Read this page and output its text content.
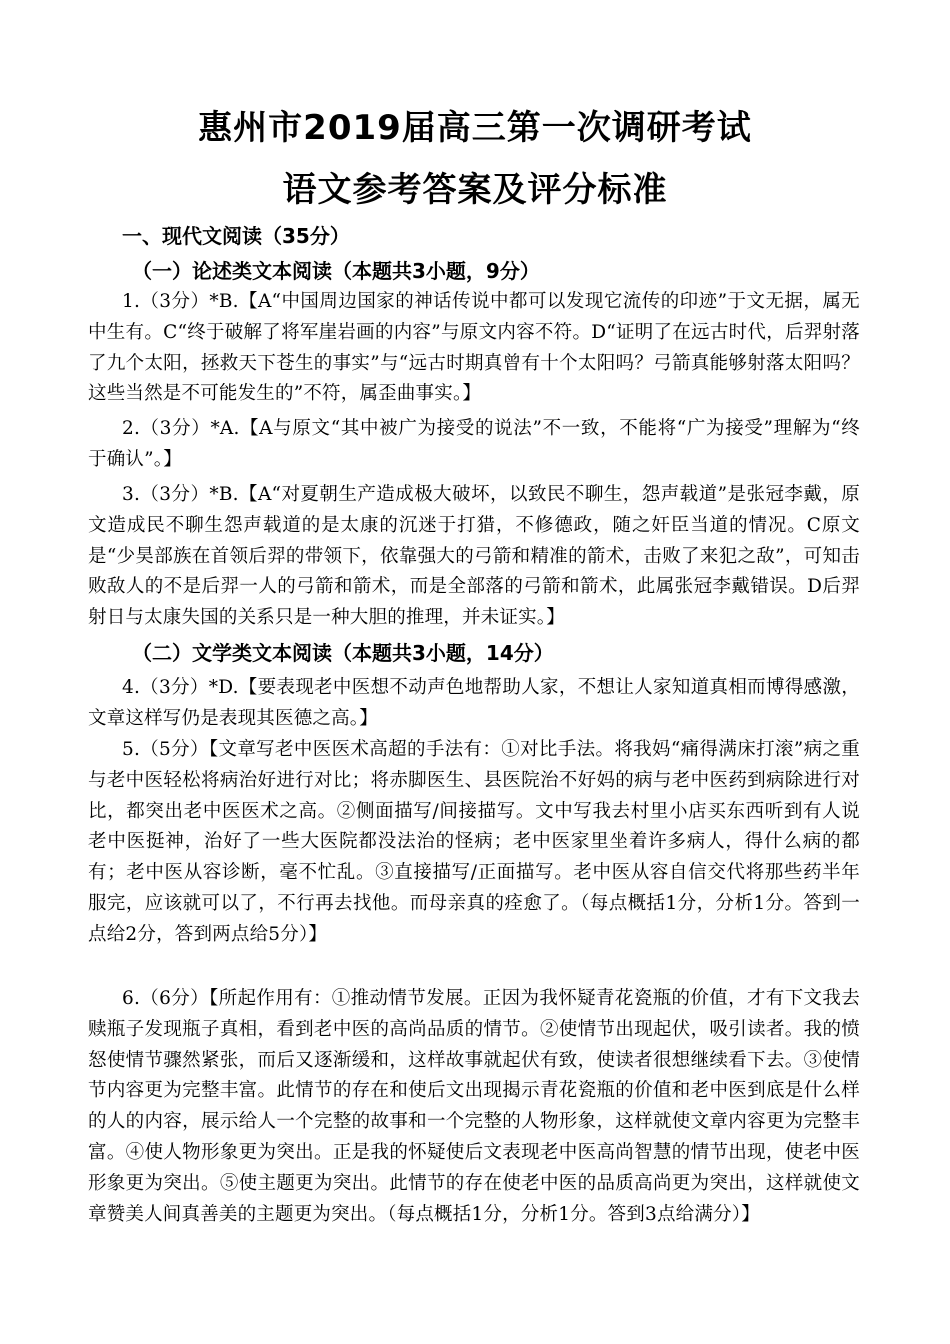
惠州市2019届高三第一次调研考试
语文参考答案及评分标准
一、现代文阅读（35分）
（一）论述类文本阅读（本题共3小题，9分）

1.（3分）*B.【A“中国周边国家的神话传说中都可以发现它流传的印迹”于文无据，属无中生有。C“终于破解了将军崖岩画的内容”与原文内容不符。D“证明了在远古时代，后羿射落了九个太阳，拯救天下苍生的事实”与“远古时期真曾有十个太阳吗？弓箭真能够射落太阳吗？这些当然是不可能发生的”不符，属歪曲事实。】

2.（3分）*A.【A与原文“其中被广为接受的说法”不一致，不能将“广为接受”理解为“终于确认”。】

3.（3分）*B.【A“对夏朝生产造成极大破坏，以致民不聊生，怨声载道”是张冠李戴，原文造成民不聊生怨声载道的是太康的沉迷于打猎，不修德政，随之奸臣当道的情况。C原文是“少昊部族在首领后羿的带领下，依靠强大的弓箭和精准的箭术，击败了来犯之敌”，可知击败敌人的不是后羿一人的弓箭和箭术，而是全部落的弓箭和箭术，此属张冠李戴错误。D后羿射日与太康失国的关系只是一种大胆的推理，并未证实。】

（二）文学类文本阅读（本题共3小题，14分）

4.（3分）*D.【要表现老中医想不动声色地帮助人家，不想让人家知道真相而博得感激，文章这样写仍是表现其医德之高。】

5.（5分）【文章写老中医医术高超的手法有：①对比手法。将我妈“痛得满床打滚”病之重与老中医轻松将病治好进行对比；将赤脚医生、县医院治不好妈的病与老中医药到病除进行对比，都突出老中医医术之高。②侧面描写/间接描写。文中写我去村里小店买东西听到有人说老中医挺神，治好了一些大医院都没法治的怪病；老中医家里坐着许多病人，得什么病的都有；老中医从容诊断，毫不忙乱。③直接描写/正面描写。老中医从容自信交代将那些药半年服完，应该就可以了，不行再去找他。而母亲真的痊愈了。（每点概括1分，分析1分。答到一点给2分，答到两点给5分）】

6.（6分）【所起作用有：①推动情节发展。正因为我怀疑青花瓷瓶的价值，才有下文我去赎瓶子发现瓶子真相，看到老中医的高尚品质的情节。②使情节出现起伏，吸引读者。我的愤怒使情节骤然紧张，而后又逐渐缓和，这样故事就起伏有致，使读者很想继续看下去。③使情节内容更为完整丰富。此情节的存在和使后文出现揭示青花瓷瓶的价值和老中医到底是什么样的人的内容，展示给人一个完整的故事和一个完整的人物形象，这样就使文章内容更为完整丰富。④使人物形象更为突出。正是我的怀疑使后文表现老中医高尚智慧的情节出现，使老中医形象更为突出。⑤使主题更为突出。此情节的存在使老中医的品质高尚更为突出，这样就使文章赞美人间真善美的主题更为突出。（每点概括1分，分析1分。答到3点给满分）】
